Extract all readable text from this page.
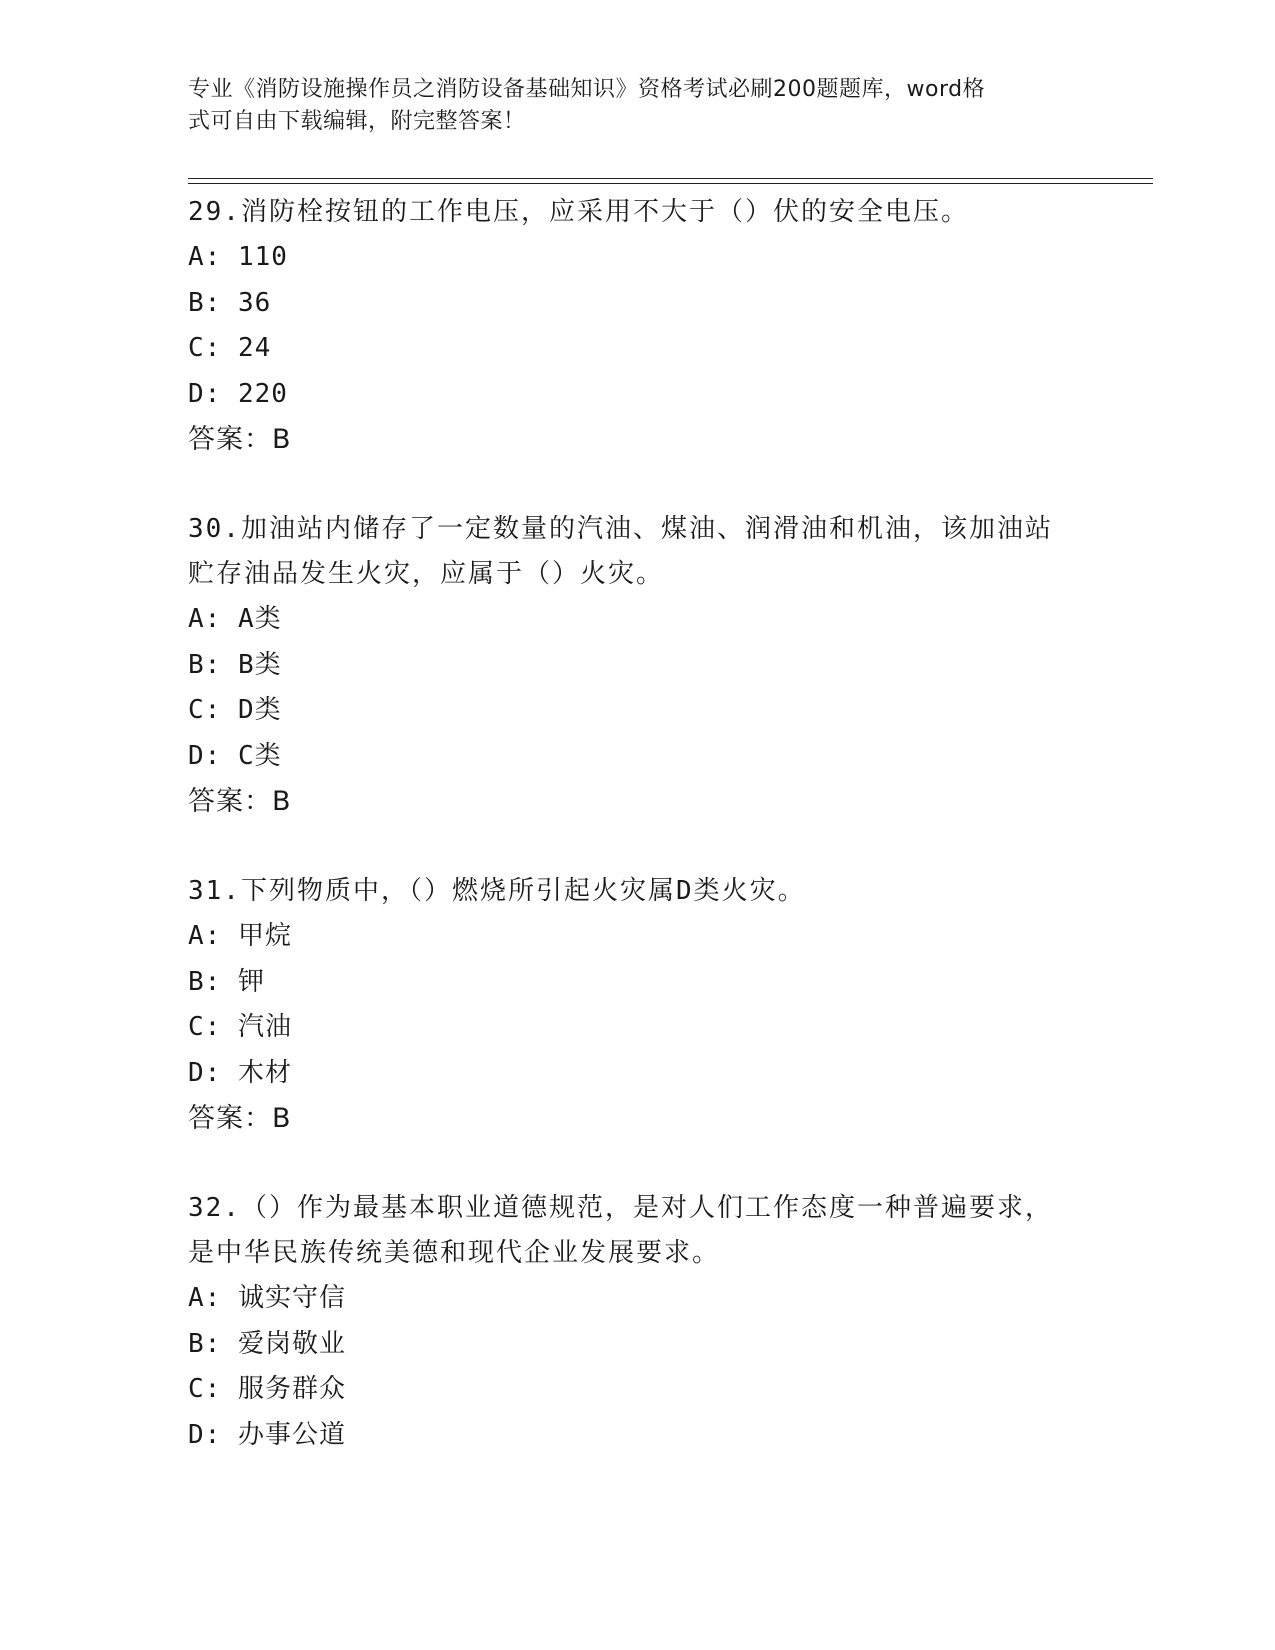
专业《消防设施操作员之消防设备基础知识》资格考试必刷200题题库，word格
式可自由下载编辑，附完整答案！
29.消防栓按钮的工作电压，应采用不大于（）伏的安全电压。
A: 110
B: 36
C: 24
D: 220
答案：B
30.加油站内储存了一定数量的汽油、煤油、润滑油和机油，该加油站
贮存油品发生火灾，应属于（）火灾。
A: A类
B: B类
C: D类
D: C类
答案：B
31.下列物质中，（）燃烧所引起火灾属D类火灾。
A: 甲烷
B: 钾
C: 汽油
D: 木材
答案：B
32.（）作为最基本职业道德规范，是对人们工作态度一种普遍要求，
是中华民族传统美德和现代企业发展要求。
A: 诚实守信
B: 爱岗敬业
C: 服务群众
D: 办事公道
